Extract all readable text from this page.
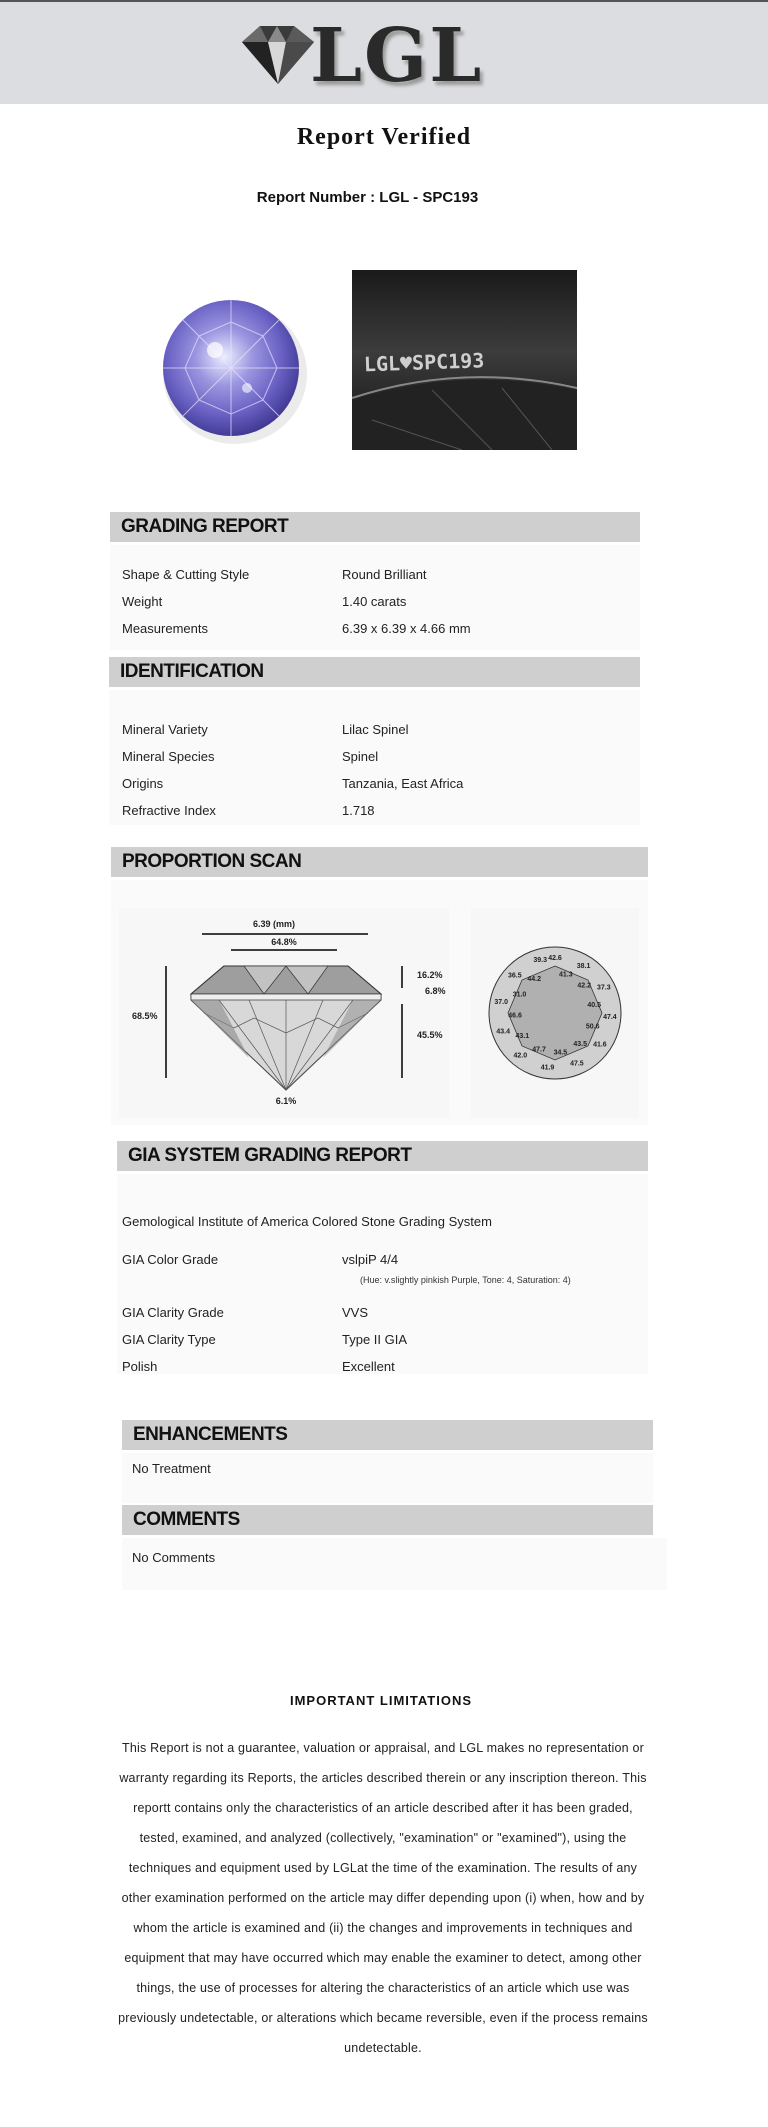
LGL
Report Verified
Report Number : LGL - SPC193
LGL♥SPC193
GRADING REPORT
Shape & Cutting Style	Round Brilliant
Weight	1.40 carats
Measurements	6.39 x 6.39 x 4.66 mm
IDENTIFICATION
Mineral Variety	Lilac Spinel
Mineral Species	Spinel
Origins	Tanzania, East Africa
Refractive Index	1.718
PROPORTION SCAN
6.39 (mm)
64.8%
68.5%
16.2%
6.8%
45.5%
6.1%
42.6
41.3
38.1
42.2 37.3
40.5
47.4
50.6
41.6
43.5
47.5
34.5
41.9
47.7
42.0
43.1
43.4
46.6
37.0
31.0
36.5 44.2
39.3
GIA SYSTEM GRADING REPORT
Gemological Institute of America Colored Stone Grading System
GIA Color Grade	vslpiP 4/4
(Hue: v.slightly pinkish Purple, Tone: 4, Saturation: 4)
GIA Clarity Grade	VVS
GIA Clarity Type	Type II GIA
Polish	Excellent
ENHANCEMENTS
No Treatment
COMMENTS
No Comments
IMPORTANT LIMITATIONS
This Report is not a guarantee, valuation or appraisal, and LGL makes no representation or warranty regarding its Reports, the articles described therein or any inscription thereon. This reportt contains only the characteristics of an article described after it has been graded, tested, examined, and analyzed (collectively, "examination" or "examined"), using the techniques and equipment used by LGLat the time of the examination. The results of any other examination performed on the article may differ depending upon (i) when, how and by whom the article is examined and (ii) the changes and improvements in techniques and equipment that may have occurred which may enable the examiner to detect, among other things, the use of processes for altering the characteristics of an article which use was previously undetectable, or alterations which became reversible, even if the process remains undetectable.
